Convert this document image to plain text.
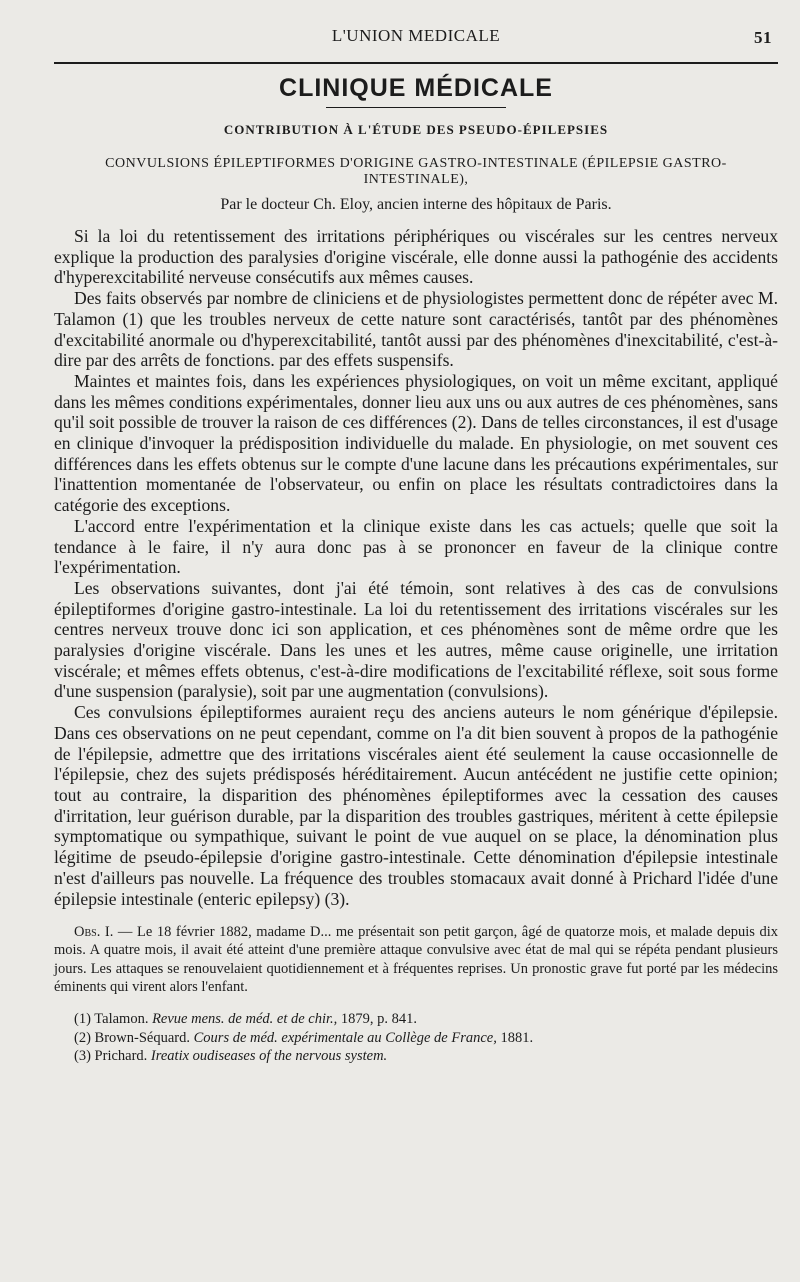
L'UNION MEDICALE	51
CLINIQUE MÉDICALE
CONTRIBUTION À L'ÉTUDE DES PSEUDO-ÉPILEPSIES
CONVULSIONS ÉPILEPTIFORMES D'ORIGINE GASTRO-INTESTINALE (ÉPILEPSIE GASTRO-INTESTINALE),
Par le docteur Ch. Eloy, ancien interne des hôpitaux de Paris.

Si la loi du retentissement des irritations périphériques ou viscérales sur les centres nerveux explique la production des paralysies d'origine viscérale, elle donne aussi la pathogénie des accidents d'hyperexcitabilité nerveuse consécutifs aux mêmes causes.

Des faits observés par nombre de cliniciens et de physiologistes permettent donc de répéter avec M. Talamon (1) que les troubles nerveux de cette nature sont caractérisés, tantôt par des phénomènes d'excitabilité anormale ou d'hyperexcitabilité, tantôt aussi par des phénomènes d'inexcitabilité, c'est-à-dire par des arrêts de fonctions. par des effets suspensifs.

Maintes et maintes fois, dans les expériences physiologiques, on voit un même excitant, appliqué dans les mêmes conditions expérimentales, donner lieu aux uns ou aux autres de ces phénomènes, sans qu'il soit possible de trouver la raison de ces différences (2). Dans de telles circonstances, il est d'usage en clinique d'invoquer la prédisposition individuelle du malade. En physiologie, on met souvent ces différences dans les effets obtenus sur le compte d'une lacune dans les précautions expérimentales, sur l'inattention momentanée de l'observateur, ou enfin on place les résultats contradictoires dans la catégorie des exceptions.

L'accord entre l'expérimentation et la clinique existe dans les cas actuels; quelle que soit la tendance à le faire, il n'y aura donc pas à se prononcer en faveur de la clinique contre l'expérimentation.

Les observations suivantes, dont j'ai été témoin, sont relatives à des cas de convulsions épileptiformes d'origine gastro-intestinale. La loi du retentissement des irritations viscérales sur les centres nerveux trouve donc ici son application, et ces phénomènes sont de même ordre que les paralysies d'origine viscérale. Dans les unes et les autres, même cause originelle, une irritation viscérale; et mêmes effets obtenus, c'est-à-dire modifications de l'excitabilité réflexe, soit sous forme d'une suspension (paralysie), soit par une augmentation (convulsions).

Ces convulsions épileptiformes auraient reçu des anciens auteurs le nom générique d'épilepsie. Dans ces observations on ne peut cependant, comme on l'a dit bien souvent à propos de la pathogénie de l'épilepsie, admettre que des irritations viscérales aient été seulement la cause occasionnelle de l'épilepsie, chez des sujets prédisposés héréditairement. Aucun antécédent ne justifie cette opinion; tout au contraire, la disparition des phénomènes épileptiformes avec la cessation des causes d'irritation, leur guérison durable, par la disparition des troubles gastriques, méritent à cette épilepsie symptomatique ou sympathique, suivant le point de vue auquel on se place, la dénomination plus légitime de pseudo-épilepsie d'origine gastro-intestinale. Cette dénomination d'épilepsie intestinale n'est d'ailleurs pas nouvelle. La fréquence des troubles stomacaux avait donné à Prichard l'idée d'une épilepsie intestinale (enteric epilepsy) (3).

Obs. I. — Le 18 février 1882, madame D... me présentait son petit garçon, âgé de quatorze mois, et malade depuis dix mois. A quatre mois, il avait été atteint d'une première attaque convulsive avec état de mal qui se répéta pendant plusieurs jours. Les attaques se renouvelaient quotidiennement et à fréquentes reprises. Un pronostic grave fut porté par les médecins éminents qui virent alors l'enfant.

(1) Talamon. Revue mens. de méd. et de chir., 1879, p. 841.
(2) Brown-Séquard. Cours de méd. expérimentale au Collège de France, 1881.
(3) Prichard. Ireatix oudiseases of the nervous system.
